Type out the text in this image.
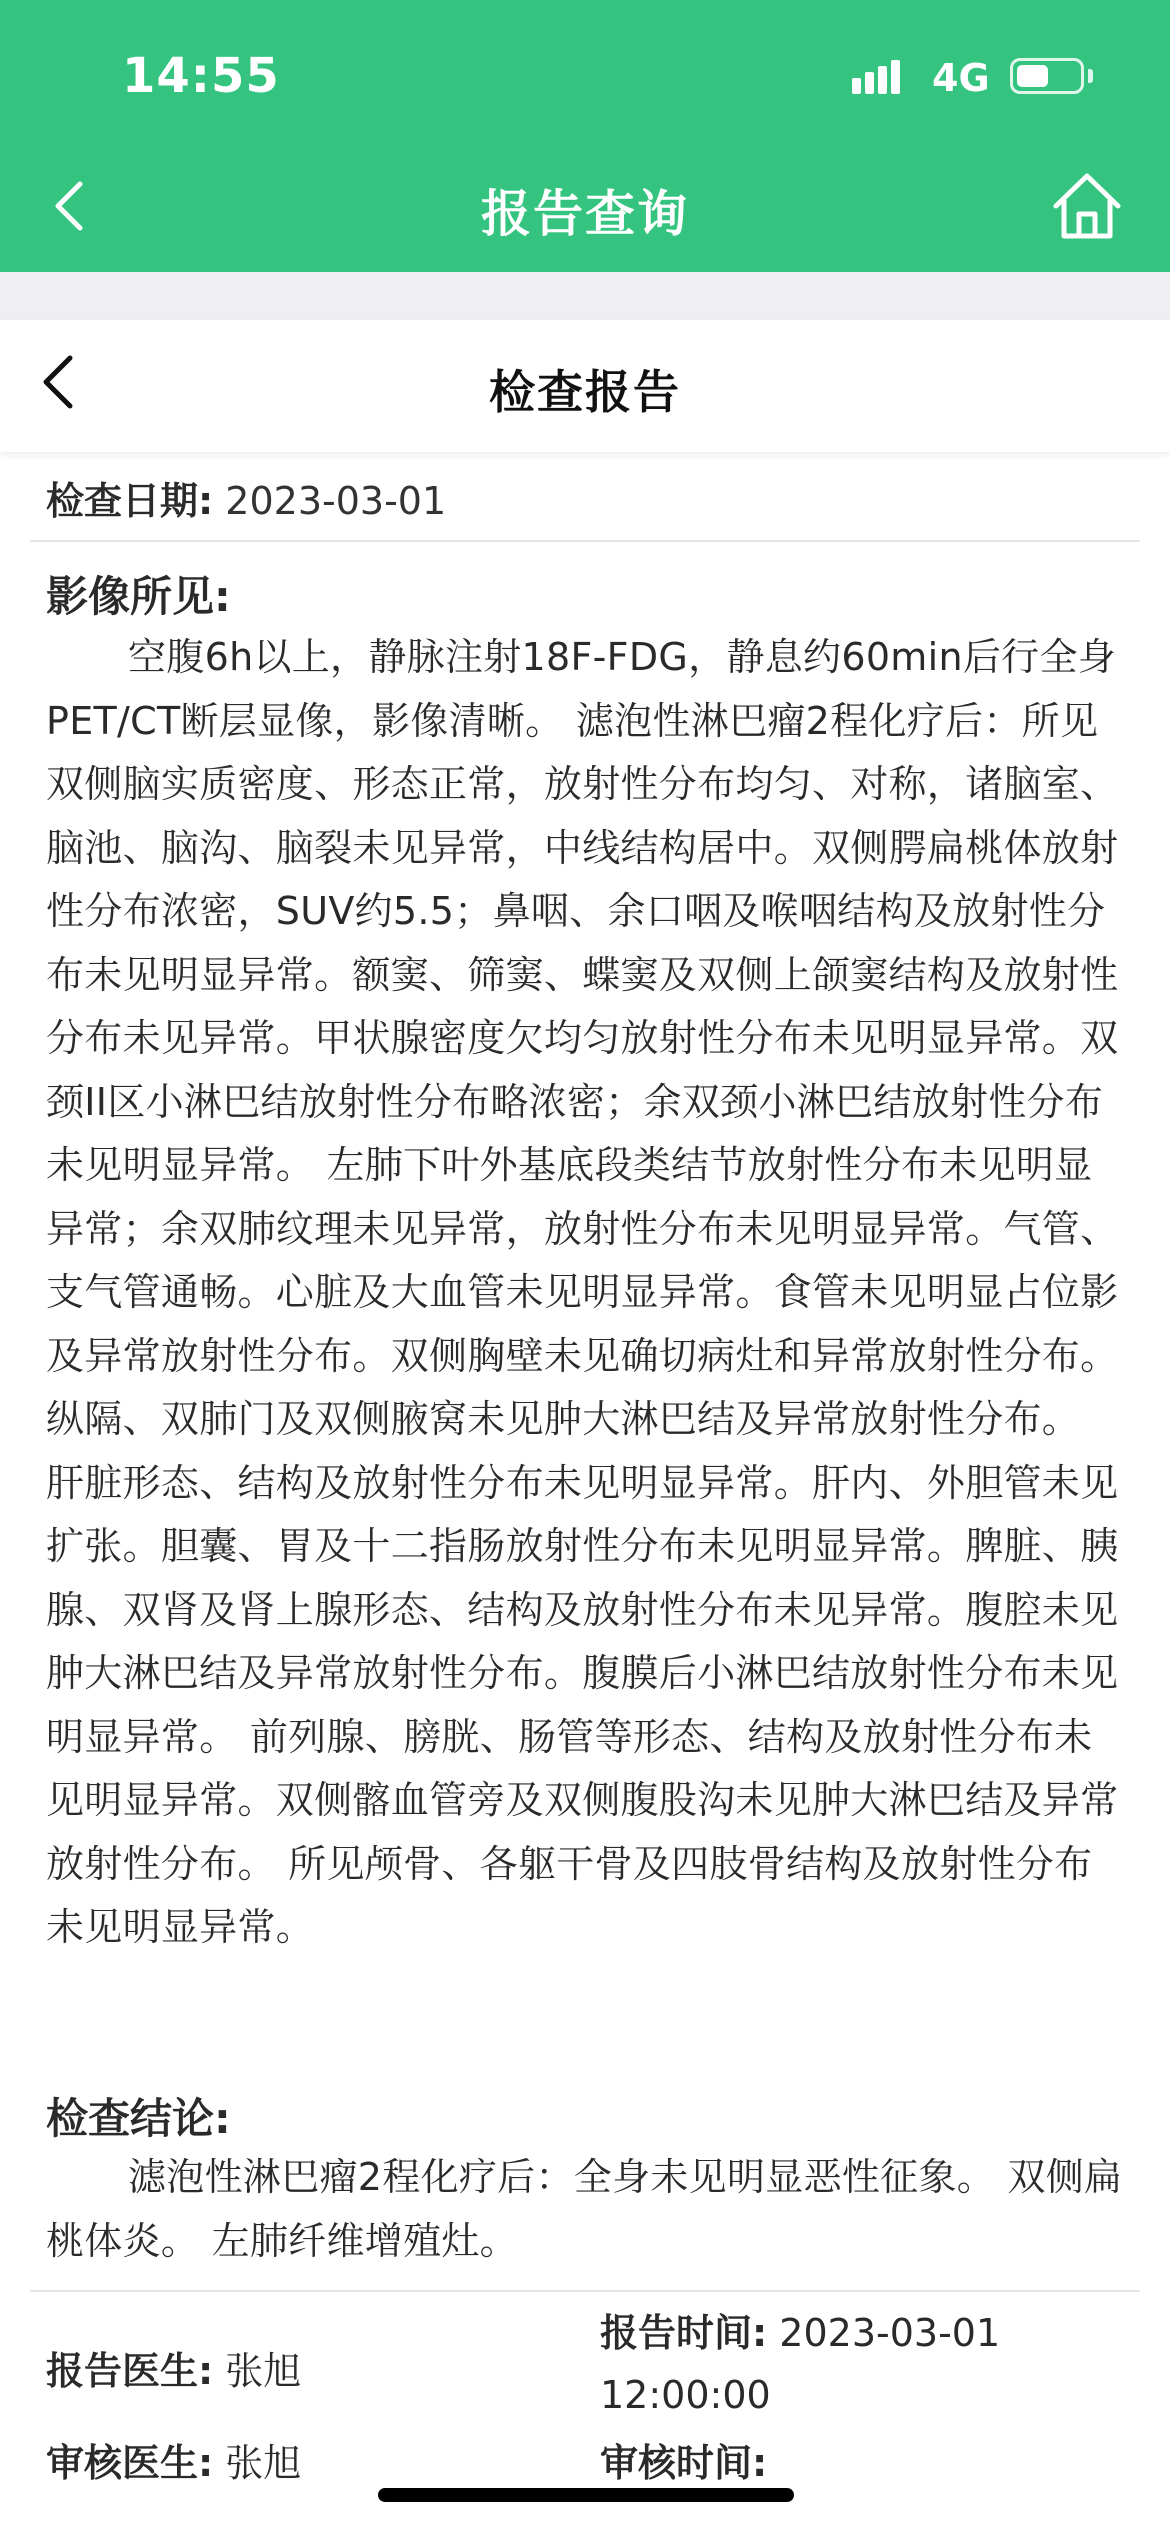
14:55	4G
报告查询
检查报告
检查日期: 2023-03-01
影像所见:
空腹6h以上，静脉注射18F-FDG，静息约60min后行全身PET/CT断层显像，影像清晰。 滤泡性淋巴瘤2程化疗后：所见双侧脑实质密度、形态正常，放射性分布均匀、对称，诸脑室、脑池、脑沟、脑裂未见异常，中线结构居中。双侧腭扁桃体放射性分布浓密，SUV约5.5；鼻咽、余口咽及喉咽结构及放射性分布未见明显异常。额窦、筛窦、蝶窦及双侧上颌窦结构及放射性分布未见异常。甲状腺密度欠均匀放射性分布未见明显异常。双颈II区小淋巴结放射性分布略浓密；余双颈小淋巴结放射性分布未见明显异常。 左肺下叶外基底段类结节放射性分布未见明显异常；余双肺纹理未见异常，放射性分布未见明显异常。气管、支气管通畅。心脏及大血管未见明显异常。食管未见明显占位影及异常放射性分布。双侧胸壁未见确切病灶和异常放射性分布。纵隔、双肺门及双侧腋窝未见肿大淋巴结及异常放射性分布。 肝脏形态、结构及放射性分布未见明显异常。肝内、外胆管未见扩张。胆囊、胃及十二指肠放射性分布未见明显异常。脾脏、胰腺、双肾及肾上腺形态、结构及放射性分布未见异常。腹腔未见肿大淋巴结及异常放射性分布。腹膜后小淋巴结放射性分布未见明显异常。 前列腺、膀胱、肠管等形态、结构及放射性分布未见明显异常。双侧髂血管旁及双侧腹股沟未见肿大淋巴结及异常放射性分布。 所见颅骨、各躯干骨及四肢骨结构及放射性分布未见明显异常。
检查结论:
滤泡性淋巴瘤2程化疗后：全身未见明显恶性征象。 双侧扁桃体炎。 左肺纤维增殖灶。
报告医生: 张旭
报告时间: 2023-03-01 12:00:00
审核医生: 张旭	审核时间:
